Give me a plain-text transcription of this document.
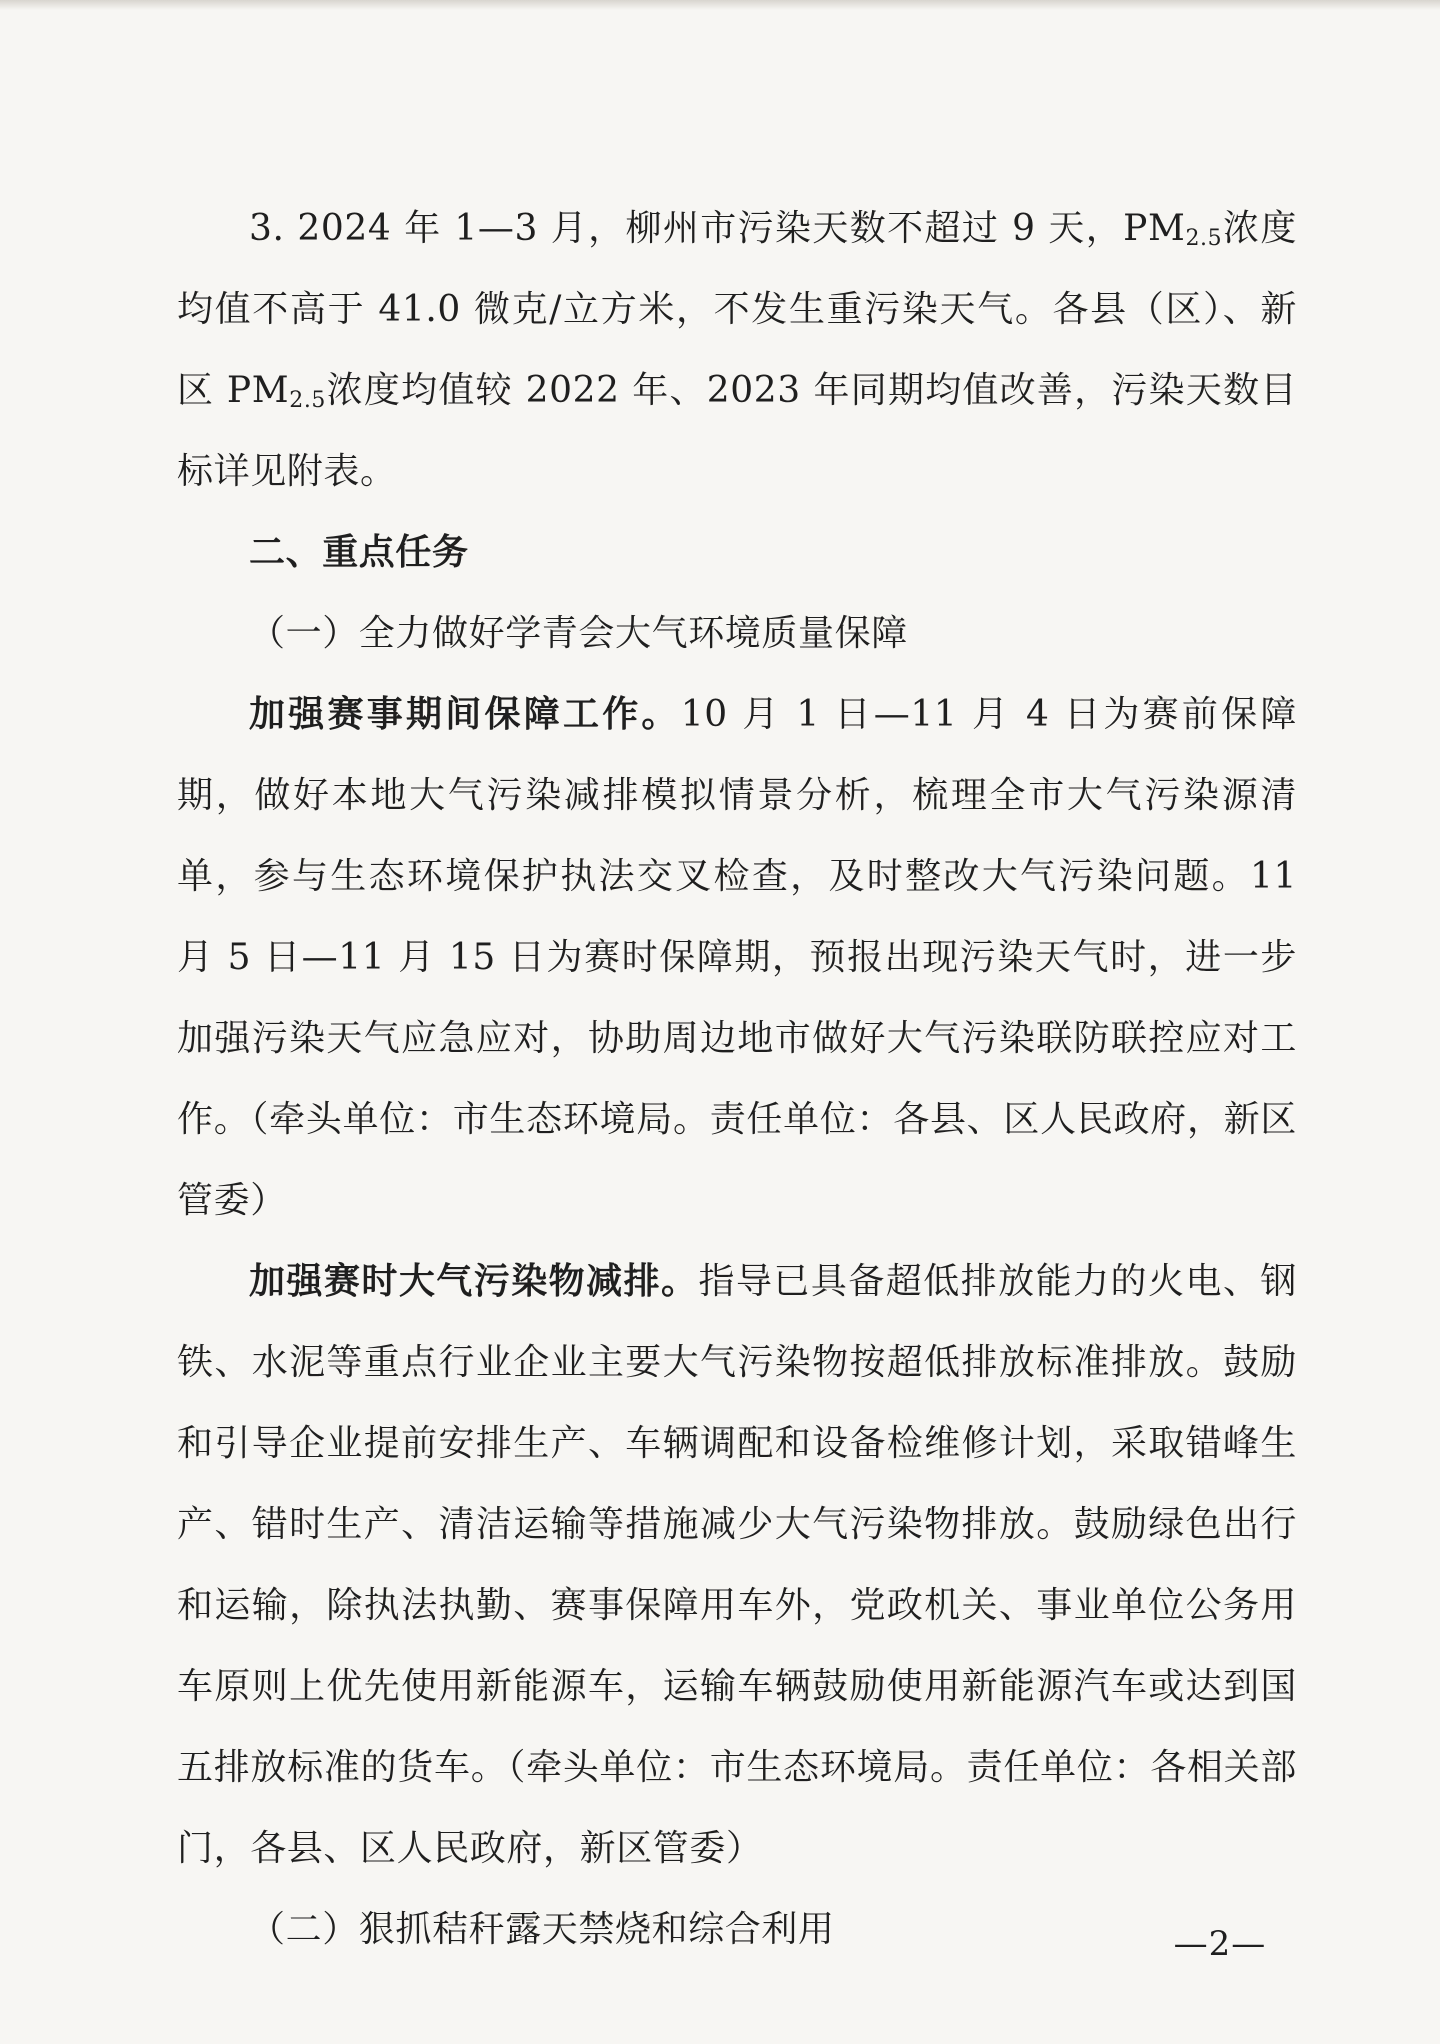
3. 2024 年 1—3 月，柳州市污染天数不超过 9 天，$PM_{2.5}$浓度均值不高于 41.0 微克/立方米，不发生重污染天气。各县（区）、新区 $PM_{2.5}$浓度均值较 2022 年、2023 年同期均值改善，污染天数目标详见附表。

二、重点任务

（一）全力做好学青会大气环境质量保障

加强赛事期间保障工作。10 月 1 日—11 月 4 日为赛前保障期，做好本地大气污染减排模拟情景分析，梳理全市大气污染源清单，参与生态环境保护执法交叉检查，及时整改大气污染问题。11 月 5 日—11 月 15 日为赛时保障期，预报出现污染天气时，进一步加强污染天气应急应对，协助周边地市做好大气污染联防联控应对工作。（牵头单位：市生态环境局。责任单位：各县、区人民政府，新区管委）

加强赛时大气污染物减排。指导已具备超低排放能力的火电、钢铁、水泥等重点行业企业主要大气污染物按超低排放标准排放。鼓励和引导企业提前安排生产、车辆调配和设备检维修计划，采取错峰生产、错时生产、清洁运输等措施减少大气污染物排放。鼓励绿色出行和运输，除执法执勤、赛事保障用车外，党政机关、事业单位公务用车原则上优先使用新能源车，运输车辆鼓励使用新能源汽车或达到国五排放标准的货车。（牵头单位：市生态环境局。责任单位：各相关部门，各县、区人民政府，新区管委）

（二）狠抓秸秆露天禁烧和综合利用	—2—
